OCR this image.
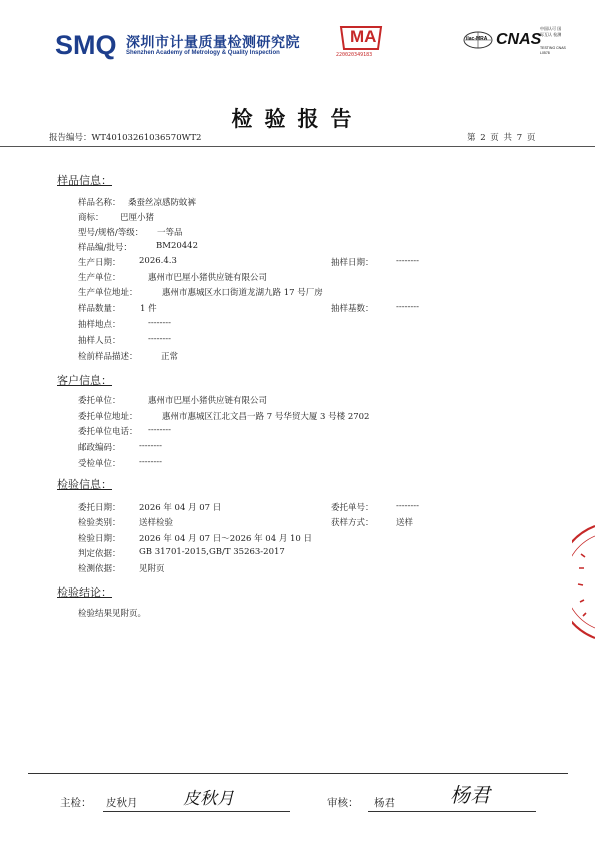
SMQ 深圳市计量质量检测研究院
Shenzhen Academy of Metrology & Quality Inspection
MA
220020349183
ilac-MRA CNAS
中国认可 国际互认 检测
TESTING CNAS L0578
检验报告
报告编号：WT40103261036570WT2	第 2 页 共 7 页
样品信息：
样品名称： 桑蚕丝凉感防蚊裤
商标： 巴厘小猪
型号/规格/等级： 一等品
样品编/批号：	BM20442
生产日期： 2026.4.3	抽样日期：	--------
生产单位：	惠州市巴厘小猪供应链有限公司
生产单位地址：	惠州市惠城区水口街道龙湖九路 17 号厂房
样品数量： 1 件	抽样基数：	--------
抽样地点：	--------
抽样人员：	--------
检前样品描述：	正常
客户信息：
委托单位：	惠州市巴厘小猪供应链有限公司
委托单位地址：	惠州市惠城区江北文昌一路 7 号华贸大厦 3 号楼 2702
委托单位电话： --------
邮政编码： --------
受检单位： --------
检验信息：
委托日期： 2026 年 04 月 07 日	委托单号：	--------
检验类别： 送样检验	获样方式：	送样
检验日期： 2026 年 04 月 07 日～2026 年 04 月 10 日
判定依据： GB 31701-2015,GB/T 35263-2017
检测依据： 见附页
检验结论：
检验结果见附页。
主检： 皮秋月	皮秋月	审核： 杨君	杨君
